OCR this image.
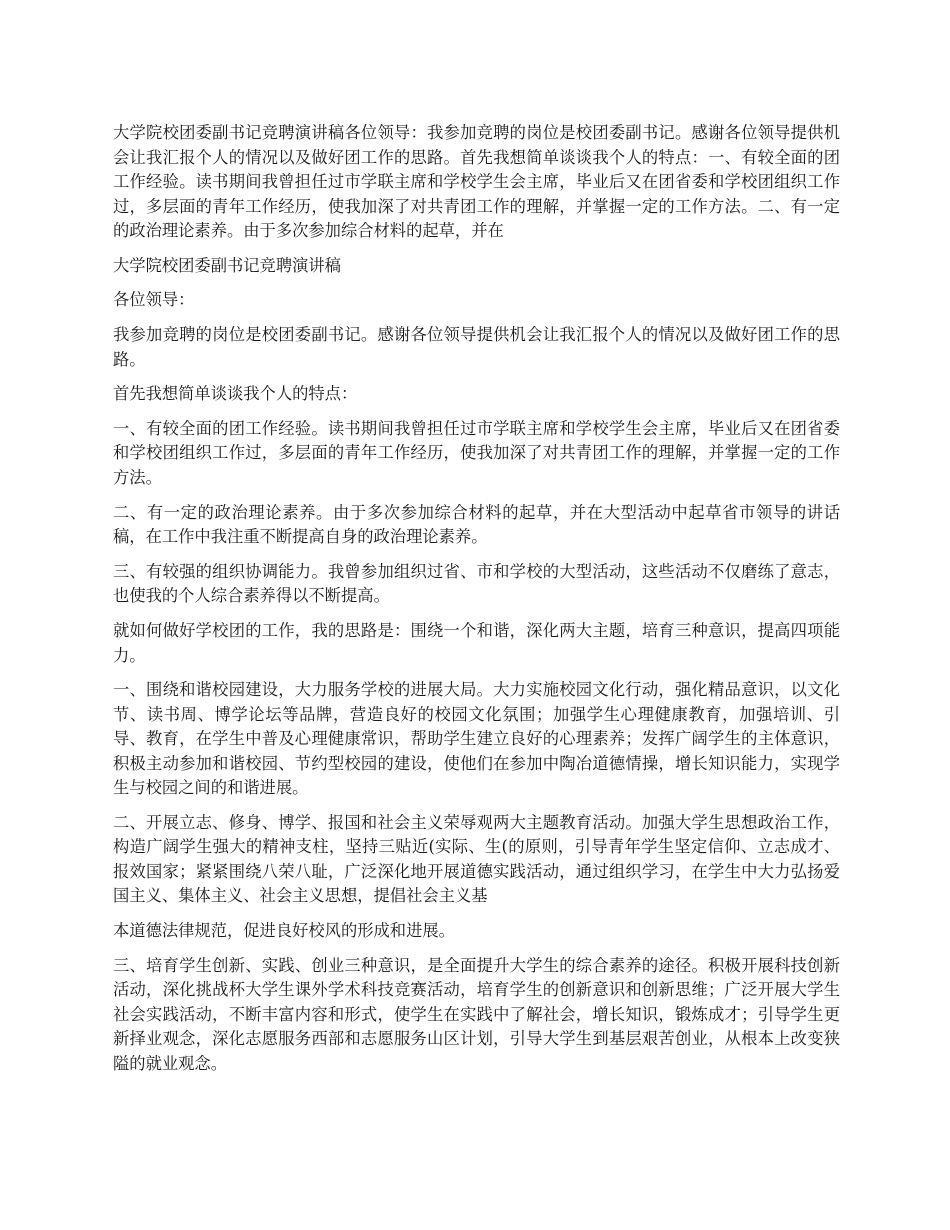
大学院校团委副书记竞聘演讲稿各位领导：我参加竞聘的岗位是校团委副书记。感谢各位领导提供机会让我汇报个人的情况以及做好团工作的思路。首先我想简单谈谈我个人的特点：一、有较全面的团工作经验。读书期间我曾担任过市学联主席和学校学生会主席，毕业后又在团省委和学校团组织工作过，多层面的青年工作经历，使我加深了对共青团工作的理解，并掌握一定的工作方法。二、有一定的政治理论素养。由于多次参加综合材料的起草，并在

大学院校团委副书记竞聘演讲稿

各位领导：

我参加竞聘的岗位是校团委副书记。感谢各位领导提供机会让我汇报个人的情况以及做好团工作的思路。

首先我想简单谈谈我个人的特点：

一、有较全面的团工作经验。读书期间我曾担任过市学联主席和学校学生会主席，毕业后又在团省委和学校团组织工作过，多层面的青年工作经历，使我加深了对共青团工作的理解，并掌握一定的工作方法。

二、有一定的政治理论素养。由于多次参加综合材料的起草，并在大型活动中起草省市领导的讲话稿，在工作中我注重不断提高自身的政治理论素养。

三、有较强的组织协调能力。我曾参加组织过省、市和学校的大型活动，这些活动不仅磨练了意志，也使我的个人综合素养得以不断提高。

就如何做好学校团的工作，我的思路是：围绕一个和谐，深化两大主题，培育三种意识，提高四项能力。

一、围绕和谐校园建设，大力服务学校的进展大局。大力实施校园文化行动，强化精品意识，以文化节、读书周、博学论坛等品牌，营造良好的校园文化氛围；加强学生心理健康教育，加强培训、引导、教育，在学生中普及心理健康常识，帮助学生建立良好的心理素养；发挥广阔学生的主体意识，积极主动参加和谐校园、节约型校园的建设，使他们在参加中陶冶道德情操，增长知识能力，实现学生与校园之间的和谐进展。

二、开展立志、修身、博学、报国和社会主义荣辱观两大主题教育活动。加强大学生思想政治工作，构造广阔学生强大的精神支柱，坚持三贴近(实际、生(的原则，引导青年学生坚定信仰、立志成才、报效国家；紧紧围绕八荣八耻，广泛深化地开展道德实践活动，通过组织学习，在学生中大力弘扬爱国主义、集体主义、社会主义思想，提倡社会主义基

本道德法律规范，促进良好校风的形成和进展。

三、培育学生创新、实践、创业三种意识，是全面提升大学生的综合素养的途径。积极开展科技创新活动，深化挑战杯大学生课外学术科技竞赛活动，培育学生的创新意识和创新思维；广泛开展大学生社会实践活动，不断丰富内容和形式，使学生在实践中了解社会，增长知识，锻炼成才；引导学生更新择业观念，深化志愿服务西部和志愿服务山区计划，引导大学生到基层艰苦创业，从根本上改变狭隘的就业观念。
